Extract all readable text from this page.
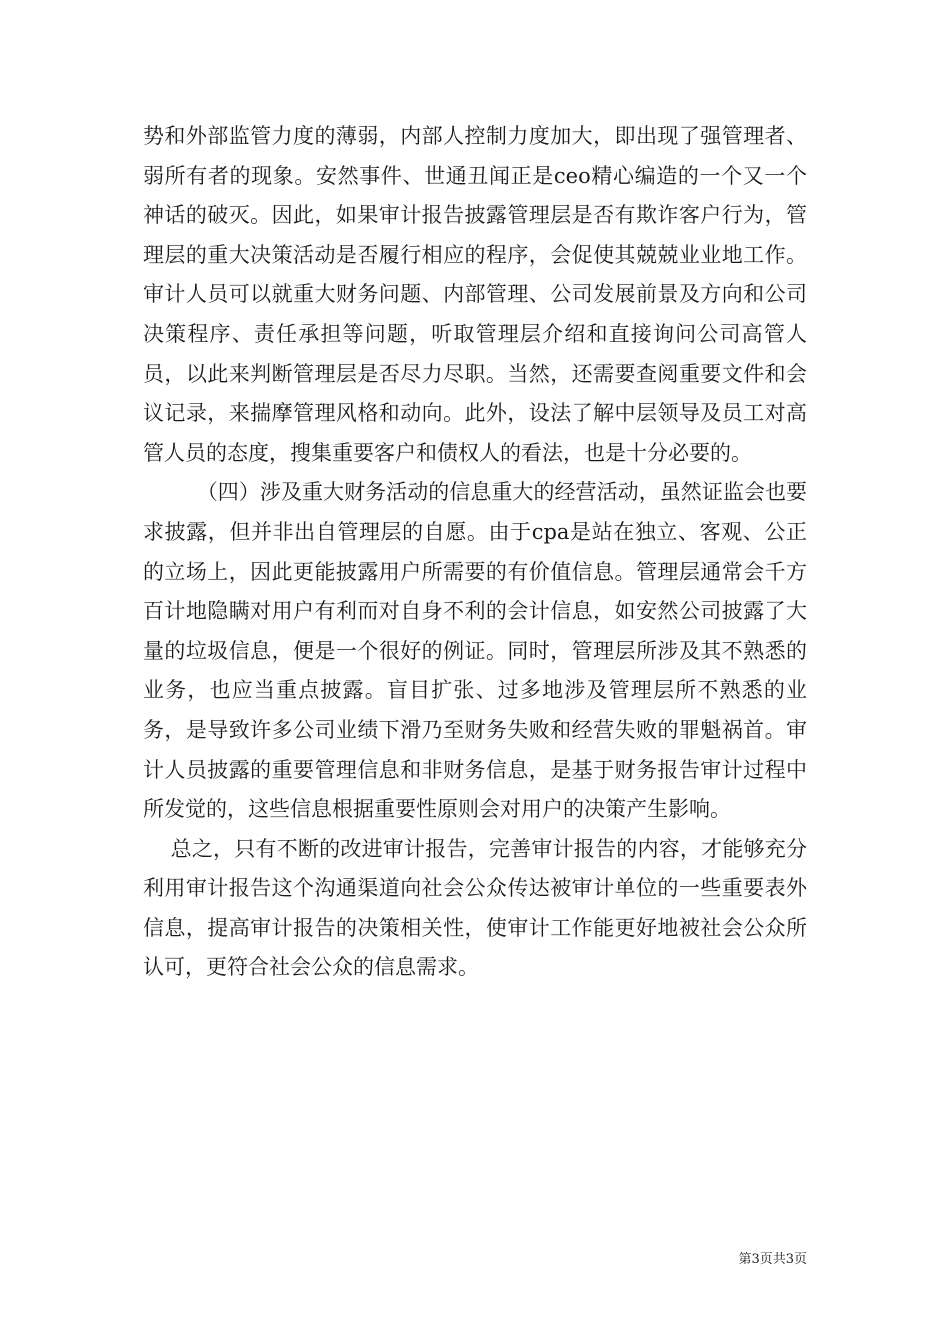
势和外部监管力度的薄弱，内部人控制力度加大，即出现了强管理者、弱所有者的现象。安然事件、世通丑闻正是ceo精心编造的一个又一个神话的破灭。因此，如果审计报告披露管理层是否有欺诈客户行为，管理层的重大决策活动是否履行相应的程序，会促使其兢兢业业地工作。审计人员可以就重大财务问题、内部管理、公司发展前景及方向和公司决策程序、责任承担等问题，听取管理层介绍和直接询问公司高管人员，以此来判断管理层是否尽力尽职。当然，还需要查阅重要文件和会议记录，来揣摩管理风格和动向。此外，设法了解中层领导及员工对高管人员的态度，搜集重要客户和债权人的看法，也是十分必要的。

（四）涉及重大财务活动的信息重大的经营活动，虽然证监会也要求披露，但并非出自管理层的自愿。由于cpa是站在独立、客观、公正的立场上，因此更能披露用户所需要的有价值信息。管理层通常会千方百计地隐瞒对用户有利而对自身不利的会计信息，如安然公司披露了大量的垃圾信息，便是一个很好的例证。同时，管理层所涉及其不熟悉的业务，也应当重点披露。盲目扩张、过多地涉及管理层所不熟悉的业务，是导致许多公司业绩下滑乃至财务失败和经营失败的罪魁祸首。审计人员披露的重要管理信息和非财务信息，是基于财务报告审计过程中所发觉的，这些信息根据重要性原则会对用户的决策产生影响。

总之，只有不断的改进审计报告，完善审计报告的内容，才能够充分利用审计报告这个沟通渠道向社会公众传达被审计单位的一些重要表外信息，提高审计报告的决策相关性，使审计工作能更好地被社会公众所认可，更符合社会公众的信息需求。

第3页共3页
